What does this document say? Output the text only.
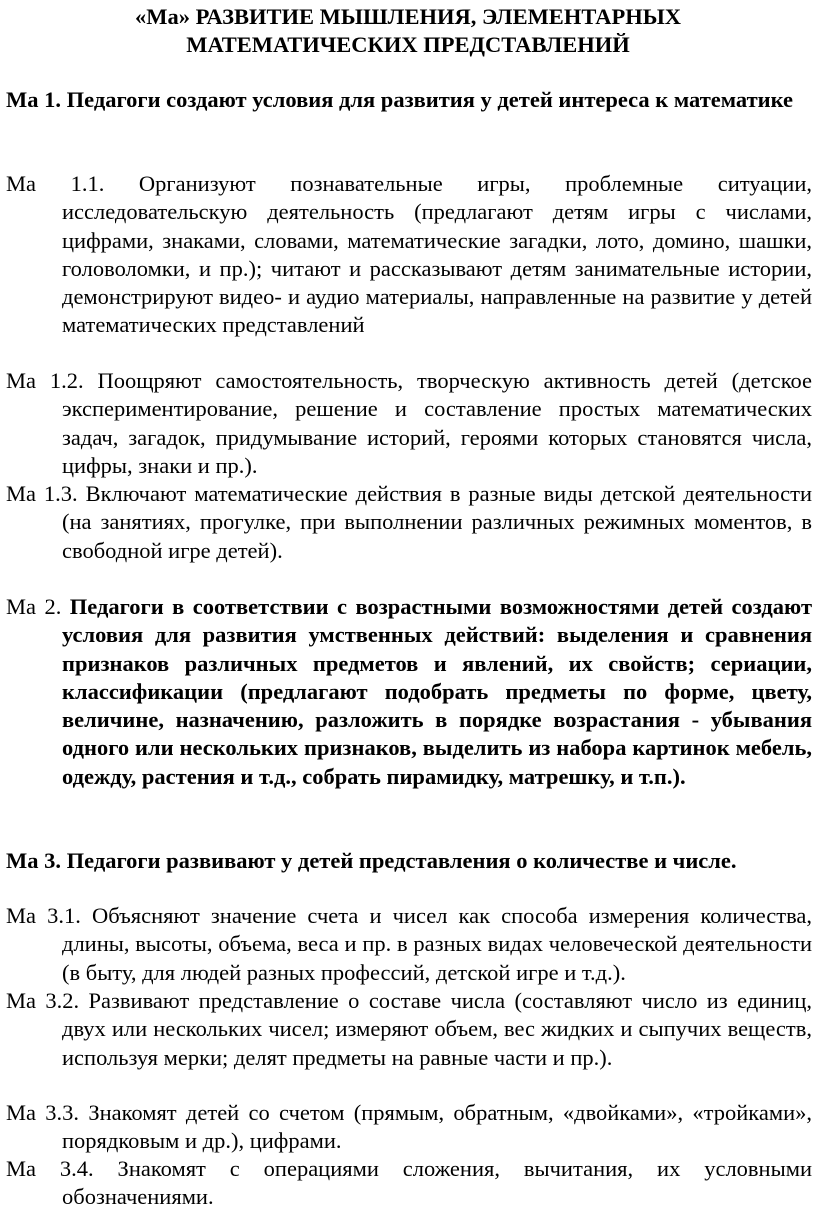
«Ма» РАЗВИТИЕ МЫШЛЕНИЯ, ЭЛЕМЕНТАРНЫХ
МАТЕМАТИЧЕСКИХ ПРЕДСТАВЛЕНИЙ

Ма 1. Педагоги создают условия для развития у детей интереса к математике

Ма 1.1. Организуют познавательные игры, проблемные ситуации, исследовательскую деятельность (предлагают детям игры с числами, цифрами, знаками, словами, математические загадки, лото, домино, шашки, головоломки, и пр.); читают и рассказывают детям занимательные истории, демонстрируют видео- и аудио материалы, направленные на развитие у детей математических представлений

Ма 1.2. Поощряют самостоятельность, творческую активность детей (детское экспериментирование, решение и составление простых математических задач, загадок, придумывание историй, героями которых становятся числа, цифры, знаки и пр.).

Ма 1.3. Включают математические действия в разные виды детской деятельности (на занятиях, прогулке, при выполнении различных режимных моментов, в свободной игре детей).

Ма 2. Педагоги в соответствии с возрастными возможностями детей создают условия для развития умственных действий: выделения и сравнения признаков различных предметов и явлений, их свойств; сериации, классификации (предлагают подобрать предметы по форме, цвету, величине, назначению, разложить в порядке возрастания - убывания одного или нескольких признаков, выделить из набора картинок мебель, одежду, растения и т.д., собрать пирамидку, матрешку, и т.п.).

Ма 3. Педагоги развивают у детей представления о количестве и числе.

Ма 3.1. Объясняют значение счета и чисел как способа измерения количества, длины, высоты, объема, веса и пр. в разных видах человеческой деятельности (в быту, для людей разных профессий, детской игре и т.д.).

Ма 3.2. Развивают представление о составе числа (составляют число из единиц, двух или нескольких чисел; измеряют объем, вес жидких и сыпучих веществ, используя мерки; делят предметы на равные части и пр.).

Ма 3.3. Знакомят детей со счетом (прямым, обратным, «двойками», «тройками», порядковым и др.), цифрами.

Ма 3.4. Знакомят с операциями сложения, вычитания, их условными обозначениями.
